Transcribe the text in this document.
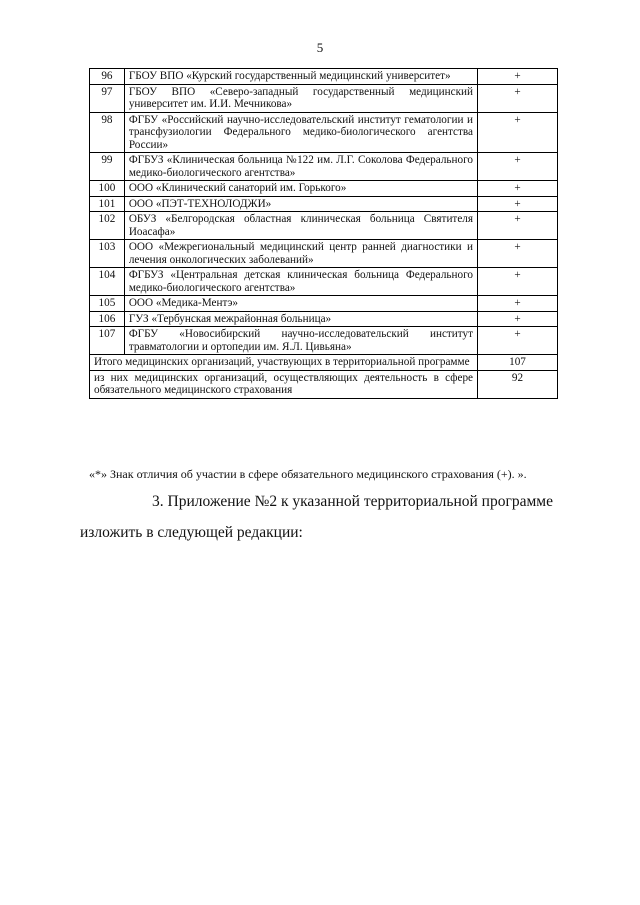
5
96	ГБОУ ВПО «Курский государственный медицинский университет»	+
97	ГБОУ ВПО «Северо-западный государственный медицинский университет им. И.И. Мечникова»	+
98	ФГБУ «Российский научно-исследовательский институт гематологии и трансфузиологии Федерального медико-биологического агентства России»	+
99	ФГБУЗ «Клиническая больница №122 им. Л.Г. Соколова Федерального медико-биологического агентства»	+
100	ООО «Клинический санаторий им. Горького»	+
101	ООО «ПЭТ-ТЕХНОЛОДЖИ»	+
102	ОБУЗ «Белгородская областная клиническая больница Святителя Иоасафа»	+
103	ООО «Межрегиональный медицинский центр ранней диагностики и лечения онкологических заболеваний»	+
104	ФГБУЗ «Центральная детская клиническая больница Федерального медико-биологического агентства»	+
105	ООО «Медика-Ментэ»	+
106	ГУЗ «Тербунская межрайонная больница»	+
107	ФГБУ «Новосибирский научно-исследовательский институт травматологии и ортопедии им. Я.Л. Цивьяна»	+
Итого медицинских организаций, участвующих в территориальной программе		107
из них медицинских организаций, осуществляющих деятельность в сфере обязательного медицинского страхования		92
«*» Знак отличия об участии в сфере обязательного медицинского страхования (+). ».
3. Приложение №2 к указанной территориальной программе
изложить в следующей редакции:
